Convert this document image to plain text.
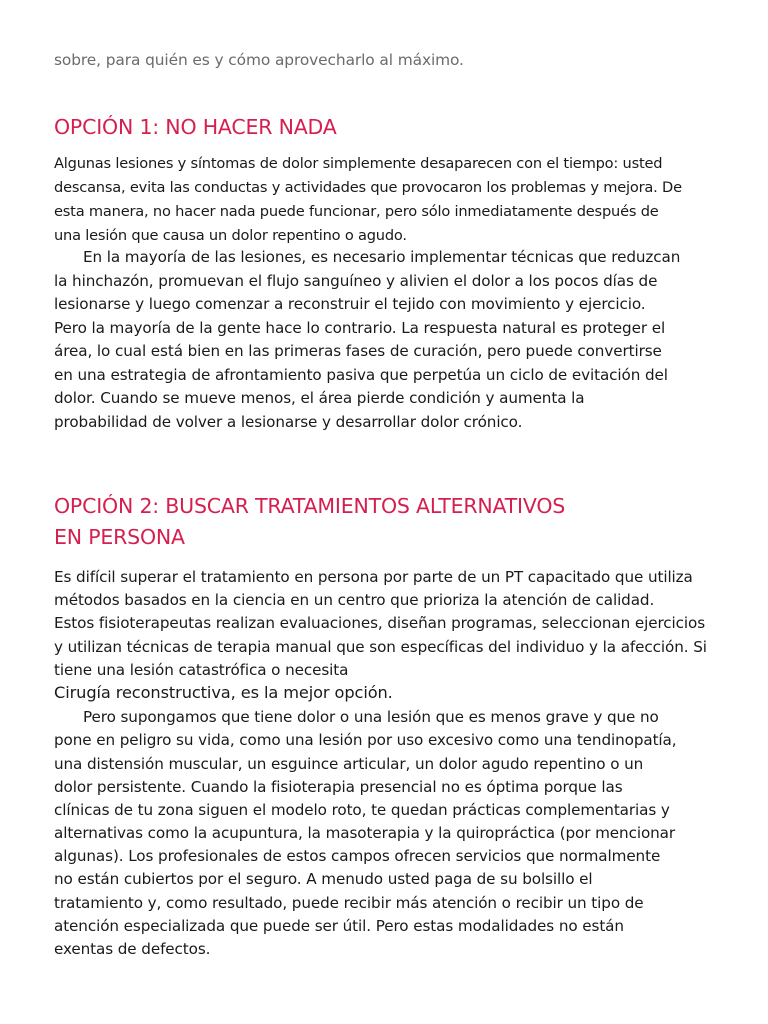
sobre, para quién es y cómo aprovecharlo al máximo.
OPCIÓN 1: NO HACER NADA
Algunas lesiones y síntomas de dolor simplemente desaparecen con el tiempo: usted
descansa, evita las conductas y actividades que provocaron los problemas y mejora. De
esta manera, no hacer nada puede funcionar, pero sólo inmediatamente después de
una lesión que causa un dolor repentino o agudo.
En la mayoría de las lesiones, es necesario implementar técnicas que reduzcan
la hinchazón, promuevan el flujo sanguíneo y alivien el dolor a los pocos días de
lesionarse y luego comenzar a reconstruir el tejido con movimiento y ejercicio.
Pero la mayoría de la gente hace lo contrario. La respuesta natural es proteger el
área, lo cual está bien en las primeras fases de curación, pero puede convertirse
en una estrategia de afrontamiento pasiva que perpetúa un ciclo de evitación del
dolor. Cuando se mueve menos, el área pierde condición y aumenta la
probabilidad de volver a lesionarse y desarrollar dolor crónico.
OPCIÓN 2: BUSCAR TRATAMIENTOS ALTERNATIVOS
EN PERSONA
Es difícil superar el tratamiento en persona por parte de un PT capacitado que utiliza
métodos basados en la ciencia en un centro que prioriza la atención de calidad.
Estos fisioterapeutas realizan evaluaciones, diseñan programas, seleccionan ejercicios
y utilizan técnicas de terapia manual que son específicas del individuo y la afección. Si
tiene una lesión catastrófica o necesita
Cirugía reconstructiva, es la mejor opción.
Pero supongamos que tiene dolor o una lesión que es menos grave y que no
pone en peligro su vida, como una lesión por uso excesivo como una tendinopatía,
una distensión muscular, un esguince articular, un dolor agudo repentino o un
dolor persistente. Cuando la fisioterapia presencial no es óptima porque las
clínicas de tu zona siguen el modelo roto, te quedan prácticas complementarias y
alternativas como la acupuntura, la masoterapia y la quiropráctica (por mencionar
algunas). Los profesionales de estos campos ofrecen servicios que normalmente
no están cubiertos por el seguro. A menudo usted paga de su bolsillo el
tratamiento y, como resultado, puede recibir más atención o recibir un tipo de
atención especializada que puede ser útil. Pero estas modalidades no están
exentas de defectos.
